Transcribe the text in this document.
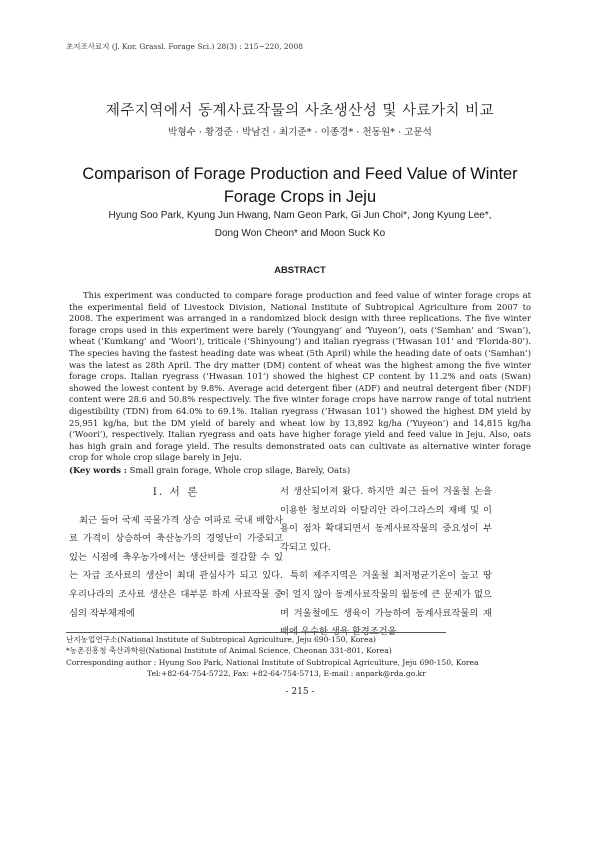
초지조사료지 (J. Kor. Grassl. Forage Sci.) 28(3) : 215~220, 2008
제주지역에서 동계사료작물의 사초생산성 및 사료가치 비교
박형수 · 황경준 · 박남건 · 최기준* · 이종경* · 천동원* · 고문석
Comparison of Forage Production and Feed Value of Winter
Forage Crops in Jeju
Hyung Soo Park, Kyung Jun Hwang, Nam Geon Park, Gi Jun Choi*, Jong Kyung Lee*,
Dong Won Cheon* and Moon Suck Ko
ABSTRACT

This experiment was conducted to compare forage production and feed value of winter forage crops at the experimental field of Livestock Division, National Institute of Subtropical Agriculture from 2007 to 2008. The experiment was arranged in a randomized block design with three replications. The five winter forage crops used in this experiment were barely (‘Youngyang’ and ‘Yuyeon’), oats (‘Samhan’ and ‘Swan’), wheat (‘Kumkang’ and ‘Woori’), triticale (‘Shinyoung’) and italian ryegrass (‘Hwasan 101’ and ‘Florida-80’). The species having the fastest heading date was wheat (5th April) while the heading date of oats (‘Samhan’) was the latest as 28th April. The dry matter (DM) content of wheat was the highest among the five winter forage crops. Italian ryegrass (‘Hwasan 101’) showed the highest CP content by 11.2% and oats (Swan) showed the lowest content by 9.8%. Average acid detergent fiber (ADF) and neutral detergent fiber (NDF) content were 28.6 and 50.8% respectively. The five winter forage crops have narrow range of total nutrient digestibility (TDN) from 64.0% to 69.1%. Italian ryegrass (‘Hwasan 101’) showed the highest DM yield by 25,951 kg/ha, but the DM yield of barely and wheat low by 13,892 kg/ha (‘Yuyeon’) and 14,815 kg/ha (‘Woori’), respectively. Italian ryegrass and oats have higher forage yield and feed value in Jeju. Also, oats has high grain and forage yield. The results demonstrated oats can cultivate as alternative winter forage crop for whole crop silage barely in Jeju.

(Key words : Small grain forage, Whole crop silage, Barely, Oats)

Ⅰ. 서 론

최근 들어 국제 곡물가격 상승 여파로 국내 배합사료 가격이 상승하여 축산농가의 경영난이 가중되고 있는 시점에 축우농가에서는 생산비를 절감할 수 있는 자급 조사료의 생산이 최대 관심사가 되고 있다. 우리나라의 조사료 생산은 대부분 하계 사료작물 중심의 작부체계에

서 생산되어져 왔다. 하지만 최근 들어 겨울철 논을 이용한 청보리와 이탈리안 라이그라스의 재배 및 이용이 점차 확대되면서 동계사료작물의 중요성이 부각되고 있다.

특히 제주지역은 겨울철 최저평균기온이 높고 땅이 얼지 않아 동계사료작물의 월동에 큰 문제가 없으며 겨울철에도 생육이 가능하여 동계사료작물의 재배에 우수한 생육 환경조건을

난지농업연구소(National Institute of Subtropical Agriculture, Jeju 690-150, Korea)

*농촌진흥청 축산과학원(National Institute of Animal Science, Cheonan 331-801, Korea)

Corresponding author : Hyung Soo Park, National Institute of Subtropical Agriculture, Jeju 690-150, Korea

Tel:+82-64-754-5722, Fax: +82-64-754-5713, E-mail : anpark@rda.go.kr

- 215 -
